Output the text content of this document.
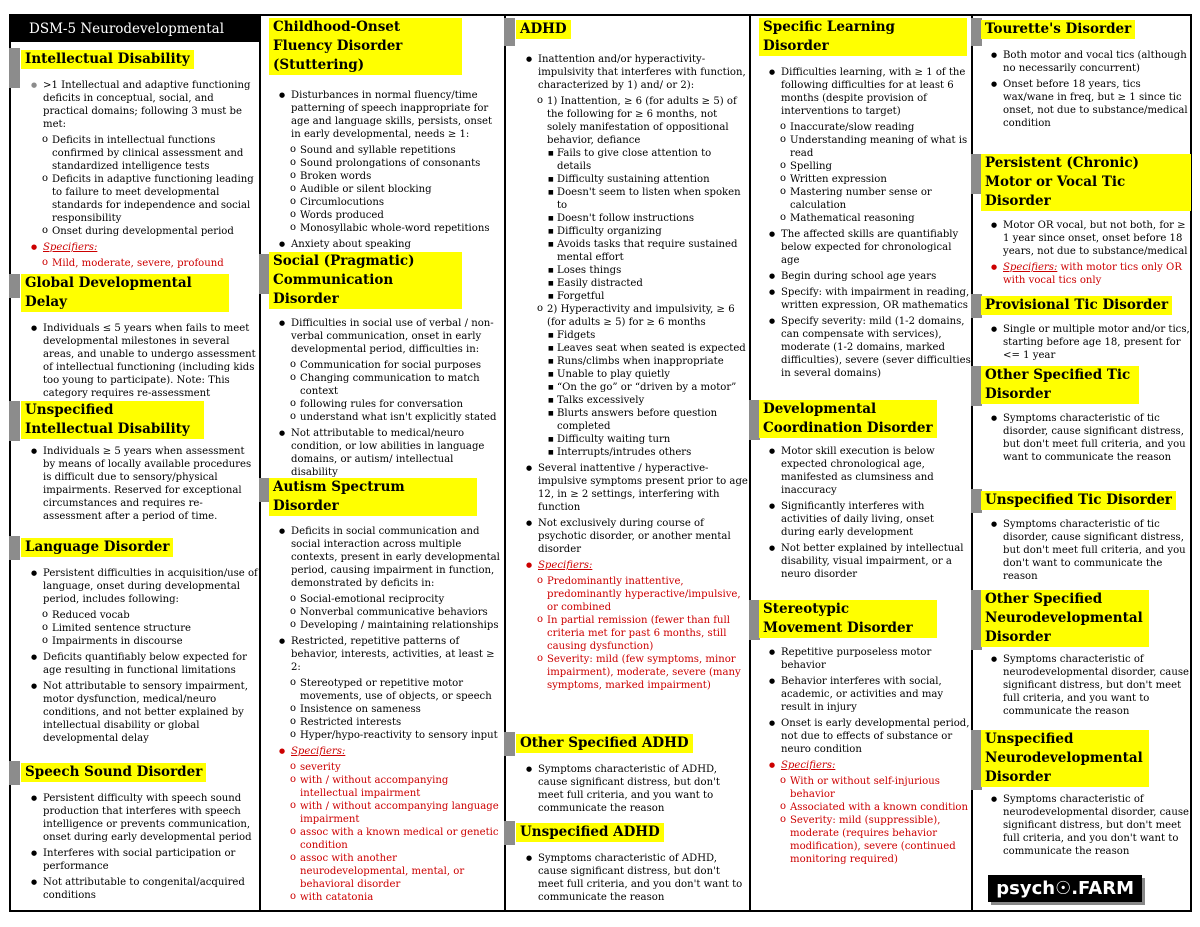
DSM-5 Neurodevelopmental
Intellectual Disability
● >1 Intellectual and adaptive functioning deficits in conceptual, social, and practical domains; following 3 must be met:
o Deficits in intellectual functions confirmed by clinical assessment and standardized intelligence tests
o Deficits in adaptive functioning leading to failure to meet developmental standards for independence and social responsibility
o Onset during developmental period
● Specifiers:
o Mild, moderate, severe, profound
Global Developmental Delay
● Individuals ≤ 5 years when fails to meet developmental milestones in several areas, and unable to undergo assessment of intellectual functioning (including kids too young to participate). Note: This category requires re-assessment
Unspecified Intellectual Disability
● Individuals ≥ 5 years when assessment by means of locally available procedures is difficult due to sensory/physical impairments. Reserved for exceptional circumstances and requires re-assessment after a period of time.
Language Disorder
● Persistent difficulties in acquisition/use of language, onset during developmental period, includes following:
o Reduced vocab
o Limited sentence structure
o Impairments in discourse
● Deficits quantifiably below expected for age resulting in functional limitations
● Not attributable to sensory impairment, motor dysfunction, medical/neuro conditions, and not better explained by intellectual disability or global developmental delay
Speech Sound Disorder
● Persistent difficulty with speech sound production that interferes with speech intelligence or prevents communication, onset during early developmental period
● Interferes with social participation or performance
● Not attributable to congenital/acquired conditions
Childhood-Onset Fluency Disorder (Stuttering)
● Disturbances in normal fluency/time patterning of speech inappropriate for age and language skills, persists, onset in early developmental, needs ≥ 1:
o Sound and syllable repetitions
o Sound prolongations of consonants
o Broken words
o Audible or silent blocking
o Circumlocutions
o Words produced
o Monosyllabic whole-word repetitions
● Anxiety about speaking
Social (Pragmatic) Communication Disorder
● Difficulties in social use of verbal / non-verbal communication, onset in early developmental period, difficulties in:
o Communication for social purposes
o Changing communication to match context
o following rules for conversation
o understand what isn't explicitly stated
● Not attributable to medical/neuro condition, or low abilities in language domains, or autism/ intellectual disability
Autism Spectrum Disorder
● Deficits in social communication and social interaction across multiple contexts, present in early developmental period, causing impairment in function, demonstrated by deficits in:
o Social-emotional reciprocity
o Nonverbal communicative behaviors
o Developing / maintaining relationships
● Restricted, repetitive patterns of behavior, interests, activities, at least ≥ 2:
o Stereotyped or repetitive motor movements, use of objects, or speech
o Insistence on sameness
o Restricted interests
o Hyper/hypo-reactivity to sensory input
● Specifiers:
o severity
o with / without accompanying intellectual impairment
o with / without accompanying language impairment
o assoc with a known medical or genetic condition
o assoc with another neurodevelopmental, mental, or behavioral disorder
o with catatonia
ADHD
● Inattention and/or hyperactivity-impulsivity that interferes with function, characterized by 1) and/ or 2):
o 1) Inattention, ≥ 6 (for adults ≥ 5) of the following for ≥ 6 months, not solely manifestation of oppositional behavior, defiance
■ Fails to give close attention to details
■ Difficulty sustaining attention
■ Doesn't seem to listen when spoken to
■ Doesn't follow instructions
■ Difficulty organizing
■ Avoids tasks that require sustained mental effort
■ Loses things
■ Easily distracted
■ Forgetful
o 2) Hyperactivity and impulsivity, ≥ 6 (for adults ≥ 5) for ≥ 6 months
■ Fidgets
■ Leaves seat when seated is expected
■ Runs/climbs when inappropriate
■ Unable to play quietly
■ “On the go” or “driven by a motor”
■ Talks excessively
■ Blurts answers before question completed
■ Difficulty waiting turn
■ Interrupts/intrudes others
● Several inattentive / hyperactive-impulsive symptoms present prior to age 12, in ≥ 2 settings, interfering with function
● Not exclusively during course of psychotic disorder, or another mental disorder
● Specifiers:
o Predominantly inattentive, predominantly hyperactive/impulsive, or combined
o In partial remission (fewer than full criteria met for past 6 months, still causing dysfunction)
o Severity: mild (few symptoms, minor impairment), moderate, severe (many symptoms, marked impairment)
Other Specified ADHD
● Symptoms characteristic of ADHD, cause significant distress, but don't meet full criteria, and you want to communicate the reason
Unspecified ADHD
● Symptoms characteristic of ADHD, cause significant distress, but don't meet full criteria, and you don't want to communicate the reason
Specific Learning Disorder
● Difficulties learning, with ≥ 1 of the following difficulties for at least 6 months (despite provision of interventions to target)
o Inaccurate/slow reading
o Understanding meaning of what is read
o Spelling
o Written expression
o Mastering number sense or calculation
o Mathematical reasoning
● The affected skills are quantifiably below expected for chronological age
● Begin during school age years
● Specify: with impairment in reading, written expression, OR mathematics
● Specify severity: mild (1-2 domains, can compensate with services), moderate (1-2 domains, marked difficulties), severe (sever difficulties in several domains)
Developmental Coordination Disorder
● Motor skill execution is below expected chronological age, manifested as clumsiness and inaccuracy
● Significantly interferes with activities of daily living, onset during early development
● Not better explained by intellectual disability, visual impairment, or a neuro disorder
Stereotypic Movement Disorder
● Repetitive purposeless motor behavior
● Behavior interferes with social, academic, or activities and may result in injury
● Onset is early developmental period, not due to effects of substance or neuro condition
● Specifiers:
o With or without self-injurious behavior
o Associated with a known condition
o Severity: mild (suppressible), moderate (requires behavior modification), severe (continued monitoring required)
Tourette's Disorder
● Both motor and vocal tics (although no necessarily concurrent)
● Onset before 18 years, tics wax/wane in freq, but ≥ 1 since tic onset, not due to substance/medical condition
Persistent (Chronic) Motor or Vocal Tic Disorder
● Motor OR vocal, but not both, for ≥ 1 year since onset, onset before 18 years, not due to substance/medical
● Specifiers: with motor tics only OR with vocal tics only
Provisional Tic Disorder
● Single or multiple motor and/or tics, starting before age 18, present for <= 1 year
Other Specified Tic Disorder
● Symptoms characteristic of tic disorder, cause significant distress, but don't meet full criteria, and you want to communicate the reason
Unspecified Tic Disorder
● Symptoms characteristic of tic disorder, cause significant distress, but don't meet full criteria, and you don't want to communicate the reason
Other Specified Neurodevelopmental Disorder
● Symptoms characteristic of neurodevelopmental disorder, cause significant distress, but don't meet full criteria, and you want to communicate the reason
Unspecified Neurodevelopmental Disorder
● Symptoms characteristic of neurodevelopmental disorder, cause significant distress, but don't meet full criteria, and you don't want to communicate the reason
psych☉.FARM
